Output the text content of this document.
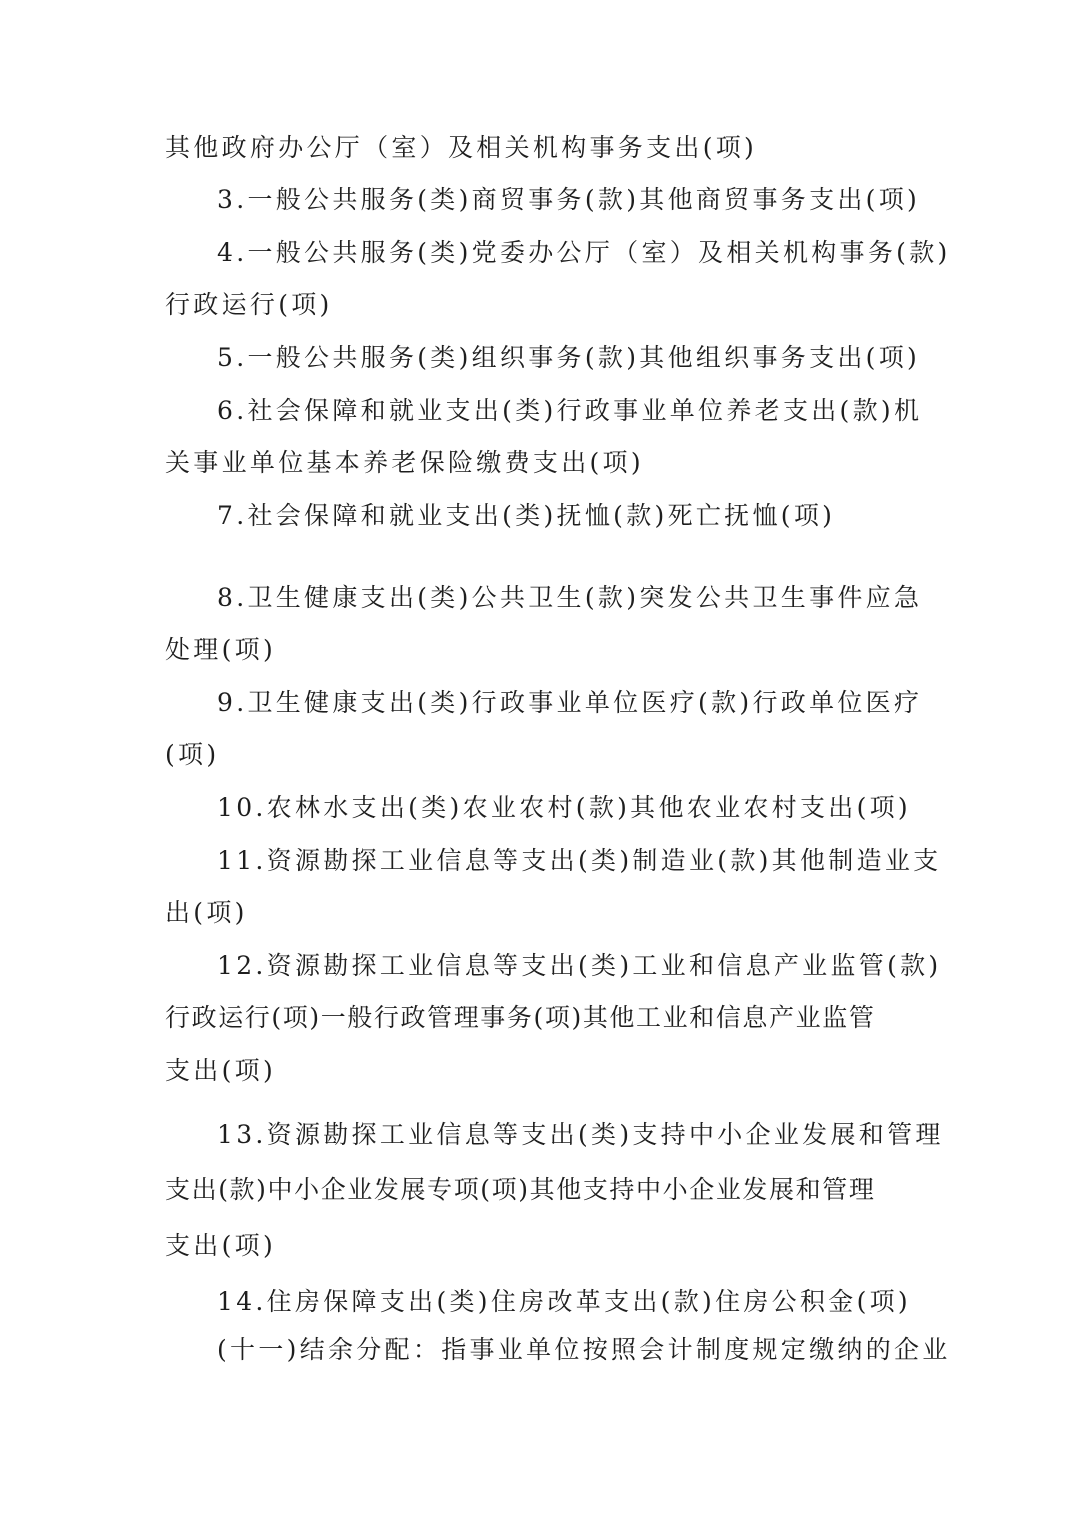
其他政府办公厅（室）及相关机构事务支出(项)
3.一般公共服务(类)商贸事务(款)其他商贸事务支出(项)
4.一般公共服务(类)党委办公厅（室）及相关机构事务(款)
行政运行(项)
5.一般公共服务(类)组织事务(款)其他组织事务支出(项)
6.社会保障和就业支出(类)行政事业单位养老支出(款)机
关事业单位基本养老保险缴费支出(项)
7.社会保障和就业支出(类)抚恤(款)死亡抚恤(项)
8.卫生健康支出(类)公共卫生(款)突发公共卫生事件应急
处理(项)
9.卫生健康支出(类)行政事业单位医疗(款)行政单位医疗
(项)
10.农林水支出(类)农业农村(款)其他农业农村支出(项)
11.资源勘探工业信息等支出(类)制造业(款)其他制造业支
出(项)
12.资源勘探工业信息等支出(类)工业和信息产业监管(款)
行政运行(项)一般行政管理事务(项)其他工业和信息产业监管
支出(项)
13.资源勘探工业信息等支出(类)支持中小企业发展和管理
支出(款)中小企业发展专项(项)其他支持中小企业发展和管理
支出(项)
14.住房保障支出(类)住房改革支出(款)住房公积金(项)
(十一)结余分配：指事业单位按照会计制度规定缴纳的企业
